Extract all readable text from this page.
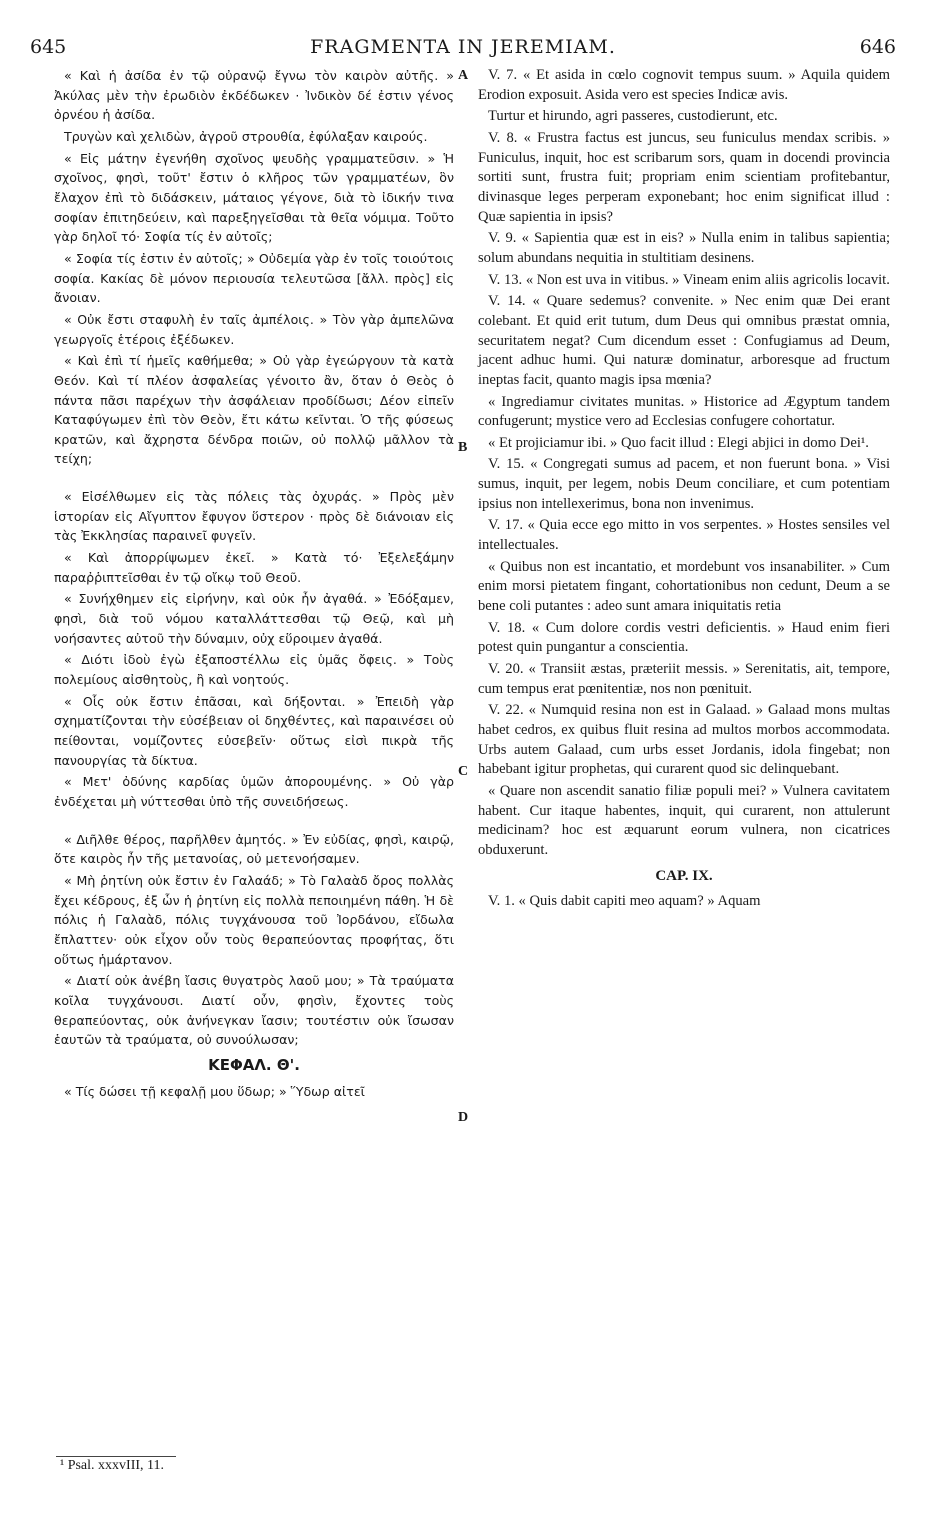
645	FRAGMENTA IN JEREMIAM.	646

« Καὶ ἡ ἀσίδα ἐν τῷ οὐρανῷ ἔγνω τὸν καιρὸν αὐτῆς. » Ἀκύλας μὲν τὴν ἐρωδιὸν ἐκδέδωκεν · Ἰνδικὸν δέ ἐστιν γένος ὀρνέου ἡ ἀσίδα.

Τρυγὼν καὶ χελιδὼν, ἀγροῦ στρουθία, ἐφύλαξαν καιρούς.

« Εἰς μάτην ἐγενήθη σχοῖνος ψευδὴς γραμματεῦσιν. » Ἡ σχοῖνος, φησὶ, τοῦτ' ἔστιν ὁ κλῆρος τῶν γραμματέων, ὃν ἔλαχον ἐπὶ τὸ διδάσκειν, μάταιος γέγονε, διὰ τὸ ἰδικήν τινα σοφίαν ἐπιτηδεύειν, καὶ παρεξηγεῖσθαι τὰ θεῖα νόμιμα. Τοῦτο γὰρ δηλοῖ τό· Σοφία τίς ἐν αὐτοῖς;

« Σοφία τίς ἐστιν ἐν αὐτοῖς; » Οὐδεμία γὰρ ἐν τοῖς τοιούτοις σοφία. Κακίας δὲ μόνον περιουσία τελευτῶσα [ἄλλ. πρὸς] εἰς ἄνοιαν.

« Οὐκ ἔστι σταφυλὴ ἐν ταῖς ἀμπέλοις. » Τὸν γὰρ ἀμπελῶνα γεωργοῖς ἑτέροις ἐξέδωκεν.

« Καὶ ἐπὶ τί ἡμεῖς καθήμεθα; » Οὐ γὰρ ἐγεώργουν τὰ κατὰ Θεόν. Καὶ τί πλέον ἀσφαλείας γένοιτο ἂν, ὅταν ὁ Θεὸς ὁ πάντα πᾶσι παρέχων τὴν ἀσφάλειαν προδίδωσι; Δέον εἰπεῖν Καταφύγωμεν ἐπὶ τὸν Θεὸν, ἔτι κάτω κεῖνται. Ὁ τῆς φύσεως κρατῶν, καὶ ἄχρηστα δένδρα ποιῶν, οὐ πολλῷ μᾶλλον τὰ τείχη;

« Εἰσέλθωμεν εἰς τὰς πόλεις τὰς ὀχυράς. » Πρὸς μὲν ἱστορίαν εἰς Αἴγυπτον ἔφυγον ὕστερον · πρὸς δὲ διάνοιαν εἰς τὰς Ἐκκλησίας παραινεῖ φυγεῖν.

« Καὶ ἀπορρίψωμεν ἐκεῖ. » Κατὰ τό· Ἐξελεξάμην παραῤῥιπτεῖσθαι ἐν τῷ οἴκῳ τοῦ Θεοῦ.

« Συνήχθημεν εἰς εἰρήνην, καὶ οὐκ ἦν ἀγαθά. » Ἐδόξαμεν, φησὶ, διὰ τοῦ νόμου καταλλάττεσθαι τῷ Θεῷ, καὶ μὴ νοήσαντες αὐτοῦ τὴν δύναμιν, οὐχ εὕροιμεν ἀγαθά.

« Διότι ἰδοὺ ἐγὼ ἐξαποστέλλω εἰς ὑμᾶς ὄφεις. » Τοὺς πολεμίους αἰσθητοὺς, ἢ καὶ νοητούς.

« Οἷς οὐκ ἔστιν ἐπᾶσαι, καὶ δήξονται. » Ἐπειδὴ γὰρ σχηματίζονται τὴν εὐσέβειαν οἱ δηχθέντες, καὶ παραινέσει οὐ πείθονται, νομίζοντες εὐσεβεῖν· οὕτως εἰσὶ πικρὰ τῆς πανουργίας τὰ δίκτυα.

« Μετ' ὀδύνης καρδίας ὑμῶν ἀπορουμένης. » Οὐ γὰρ ἐνδέχεται μὴ νύττεσθαι ὑπὸ τῆς συνειδήσεως.

« Διῆλθε θέρος, παρῆλθεν ἀμητός. » Ἐν εὐδίας, φησὶ, καιρῷ, ὅτε καιρὸς ἦν τῆς μετανοίας, οὐ μετενοήσαμεν.

« Μὴ ῥητίνη οὐκ ἔστιν ἐν Γαλαάδ; » Τὸ Γαλαὰδ ὄρος πολλὰς ἔχει κέδρους, ἐξ ὧν ἡ ῥητίνη εἰς πολλὰ πεποιημένη πάθη. Ἡ δὲ πόλις ἡ Γαλαὰδ, πόλις τυγχάνουσα τοῦ Ἰορδάνου, εἴδωλα ἔπλαττεν· οὐκ εἶχον οὖν τοὺς θεραπεύοντας προφήτας, ὅτι οὕτως ἡμάρτανον.

« Διατί οὐκ ἀνέβη ἴασις θυγατρὸς λαοῦ μου; » Τὰ τραύματα κοῖλα τυγχάνουσι. Διατί οὖν, φησὶν, ἔχοντες τοὺς θεραπεύοντας, οὐκ ἀνήνεγκαν ἴασιν; τουτέστιν οὐκ ἴσωσαν ἑαυτῶν τὰ τραύματα, οὐ συνούλωσαν;

ΚΕΦΑΛ. Θ'.

« Τίς δώσει τῇ κεφαλῇ μου ὕδωρ; » Ὕδωρ αἰτεῖ

A
B
C
D

V. 7. « Et asida in cœlo cognovit tempus suum. » Aquila quidem Erodion exposuit. Asida vero est species Indicæ avis.

Turtur et hirundo, agri passeres, custodierunt, etc.

V. 8. « Frustra factus est juncus, seu funiculus mendax scribis. » Funiculus, inquit, hoc est scribarum sors, quam in docendi provincia sortiti sunt, frustra fuit; propriam enim scientiam profitebantur, divinasque leges perperam exponebant; hoc enim significat illud : Quæ sapientia in ipsis?

V. 9. « Sapientia quæ est in eis? » Nulla enim in talibus sapientia; solum abundans nequitia in stultitiam desinens.

V. 13. « Non est uva in vitibus. » Vineam enim aliis agricolis locavit.

V. 14. « Quare sedemus? convenite. » Nec enim quæ Dei erant colebant. Et quid erit tutum, dum Deus qui omnibus præstat omnia, securitatem negat? Cum dicendum esset : Confugiamus ad Deum, jacent adhuc humi. Qui naturæ dominatur, arboresque ad fructum ineptas facit, quanto magis ipsa mœnia?

« Ingrediamur civitates munitas. » Historice ad Ægyptum tandem confugerunt; mystice vero ad Ecclesias confugere cohortatur.

« Et projiciamur ibi. » Quo facit illud : Elegi abjici in domo Dei¹.

V. 15. « Congregati sumus ad pacem, et non fuerunt bona. » Visi sumus, inquit, per legem, nobis Deum conciliare, et cum potentiam ipsius non intellexerimus, bona non invenimus.

V. 17. « Quia ecce ego mitto in vos serpentes. » Hostes sensiles vel intellectuales.

« Quibus non est incantatio, et mordebunt vos insanabiliter. » Cum enim morsi pietatem fingant, cohortationibus non cedunt, Deum a se bene coli putantes : adeo sunt amara iniquitatis retia

V. 18. « Cum dolore cordis vestri deficientis. » Haud enim fieri potest quin pungantur a conscientia.

V. 20. « Transiit æstas, præteriit messis. » Serenitatis, ait, tempore, cum tempus erat pœnitentiæ, nos non pœnituit.

V. 22. « Numquid resina non est in Galaad. » Galaad mons multas habet cedros, ex quibus fluit resina ad multos morbos accommodata. Urbs autem Galaad, cum urbs esset Jordanis, idola fingebat; non habebant igitur prophetas, qui curarent quod sic delinquebant.

« Quare non ascendit sanatio filiæ populi mei? » Vulnera cavitatem habent. Cur itaque habentes, inquit, qui curarent, non attulerunt medicinam? hoc est æquarunt eorum vulnera, non cicatrices obduxerunt.

CAP. IX.

V. 1. « Quis dabit capiti meo aquam? » Aquam

¹ Psal. xxxvIII, 11.
